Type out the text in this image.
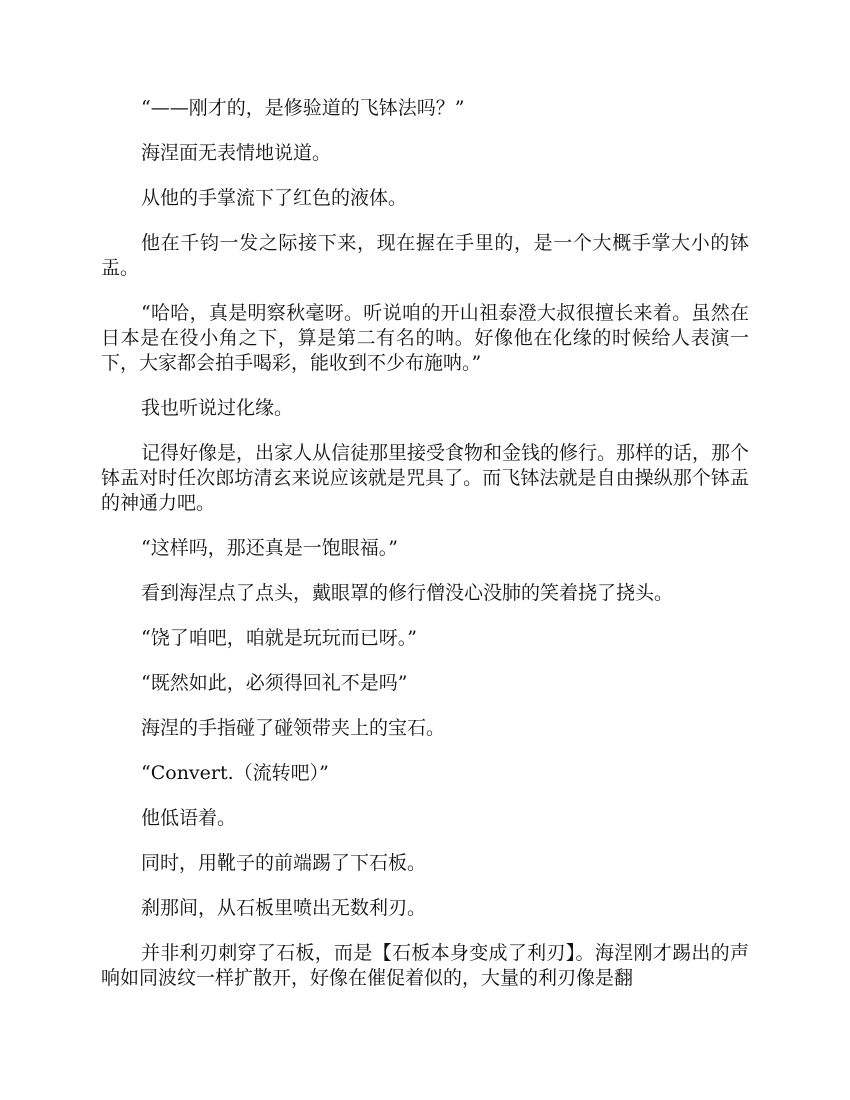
“——刚才的，是修验道的飞钵法吗？”

海涅面无表情地说道。

从他的手掌流下了红色的液体。

他在千钧一发之际接下来，现在握在手里的，是一个大概手掌大小的钵盂。

“哈哈，真是明察秋毫呀。听说咱的开山祖泰澄大叔很擅长来着。虽然在日本是在役小角之下，算是第二有名的呐。好像他在化缘的时候给人表演一下，大家都会拍手喝彩，能收到不少布施呐。”

我也听说过化缘。

记得好像是，出家人从信徒那里接受食物和金钱的修行。那样的话，那个钵盂对时任次郎坊清玄来说应该就是咒具了。而飞钵法就是自由操纵那个钵盂的神通力吧。

“这样吗，那还真是一饱眼福。”

看到海涅点了点头，戴眼罩的修行僧没心没肺的笑着挠了挠头。

“饶了咱吧，咱就是玩玩而已呀。”

“既然如此，必须得回礼不是吗”

海涅的手指碰了碰领带夹上的宝石。

“Convert.（流转吧）”

他低语着。

同时，用靴子的前端踢了下石板。

刹那间，从石板里喷出无数利刃。

并非利刃刺穿了石板，而是【石板本身变成了利刃】。海涅刚才踢出的声响如同波纹一样扩散开，好像在催促着似的，大量的利刃像是翻
